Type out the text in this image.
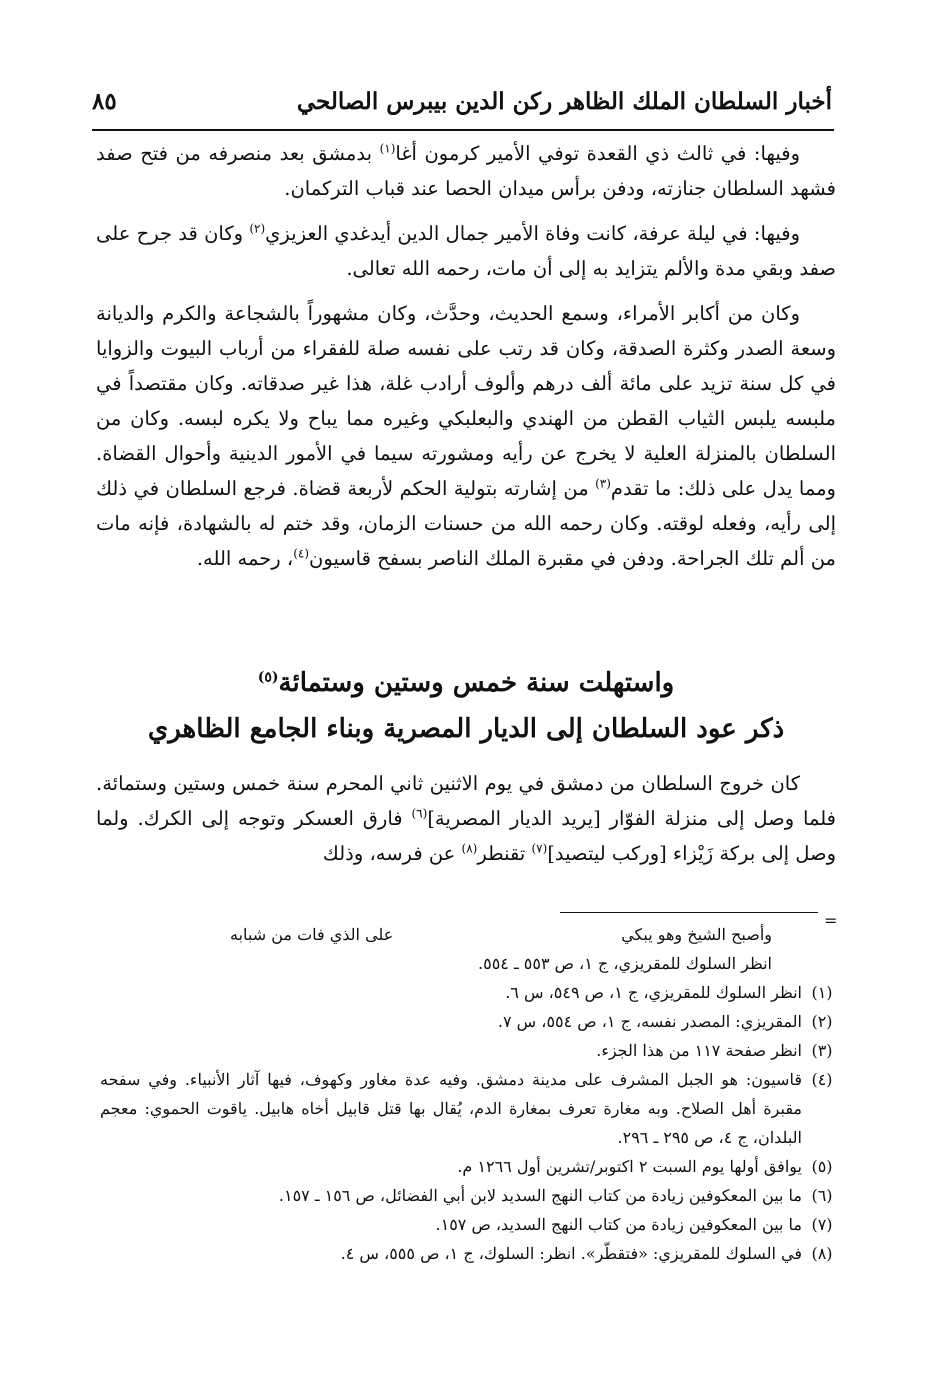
أخبار السلطان الملك الظاهر ركن الدين بيبرس الصالحي
٨٥

وفيها: في ثالث ذي القعدة توفي الأمير كرمون أغا$^{(١)}$ بدمشق بعد منصرفه من فتح صفد فشهد السلطان جنازته، ودفن برأس ميدان الحصا عند قباب التركمان.

وفيها: في ليلة عرفة، كانت وفاة الأمير جمال الدين أيدغدي العزيزي$^{(٢)}$ وكان قد جرح على صفد وبقي مدة والألم يتزايد به إلى أن مات، رحمه الله تعالى.

وكان من أكابر الأمراء، وسمع الحديث، وحدَّث، وكان مشهوراً بالشجاعة والكرم والديانة وسعة الصدر وكثرة الصدقة، وكان قد رتب على نفسه صلة للفقراء من أرباب البيوت والزوايا في كل سنة تزيد على مائة ألف درهم وألوف أرادب غلة، هذا غير صدقاته. وكان مقتصداً في ملبسه يلبس الثياب القطن من الهندي والبعلبكي وغيره مما يباح ولا يكره لبسه. وكان من السلطان بالمنزلة العلية لا يخرج عن رأيه ومشورته سيما في الأمور الدينية وأحوال القضاة. ومما يدل على ذلك: ما تقدم$^{(٣)}$ من إشارته بتولية الحكم لأربعة قضاة. فرجع السلطان في ذلك إلى رأيه، وفعله لوقته. وكان رحمه الله من حسنات الزمان، وقد ختم له بالشهادة، فإنه مات من ألم تلك الجراحة. ودفن في مقبرة الملك الناصر بسفح قاسيون$^{(٤)}$، رحمه الله.

واستهلت سنة خمس وستين وستمائة$^{(٥)}$
ذكر عود السلطان إلى الديار المصرية وبناء الجامع الظاهري

كان خروج السلطان من دمشق في يوم الاثنين ثاني المحرم سنة خمس وستين وستمائة. فلما وصل إلى منزلة الفوّار [يريد الديار المصرية]$^{(٦)}$ فارق العسكر وتوجه إلى الكرك. ولما وصل إلى بركة زَيْزاء [وركب ليتصيد]$^{(٧)}$ تقنطر$^{(٨)}$ عن فرسه، وذلك

=
وأصبح الشيخ وهو يبكي
على الذي فات من شبابه
انظر السلوك للمقريزي، ج ١، ص ٥٥٣ ـ ٥٥٤.
(١)
انظر السلوك للمقريزي، ج ١، ص ٥٤٩، س ٦.
(٢)
المقريزي: المصدر نفسه، ج ١، ص ٥٥٤، س ٧.
(٣)
انظر صفحة ١١٧ من هذا الجزء.
(٤)
قاسيون: هو الجبل المشرف على مدينة دمشق. وفيه عدة مغاور وكهوف، فيها آثار الأنبياء. وفي سفحه مقبرة أهل الصلاح. وبه مغارة تعرف بمغارة الدم، يُقال بها قتل قابيل أخاه هابيل. ياقوت الحموي: معجم البلدان، ج ٤، ص ٢٩٥ ـ ٢٩٦.
(٥)
يوافق أولها يوم السبت ٢ اكتوبر/تشرين أول ١٢٦٦ م.
(٦)
ما بين المعكوفين زيادة من كتاب النهج السديد لابن أبي الفضائل، ص ١٥٦ ـ ١٥٧.
(٧)
ما بين المعكوفين زيادة من كتاب النهج السديد، ص ١٥٧.
(٨)
في السلوك للمقريزي: «فتقطّر». انظر: السلوك، ج ١، ص ٥٥٥، س ٤.
